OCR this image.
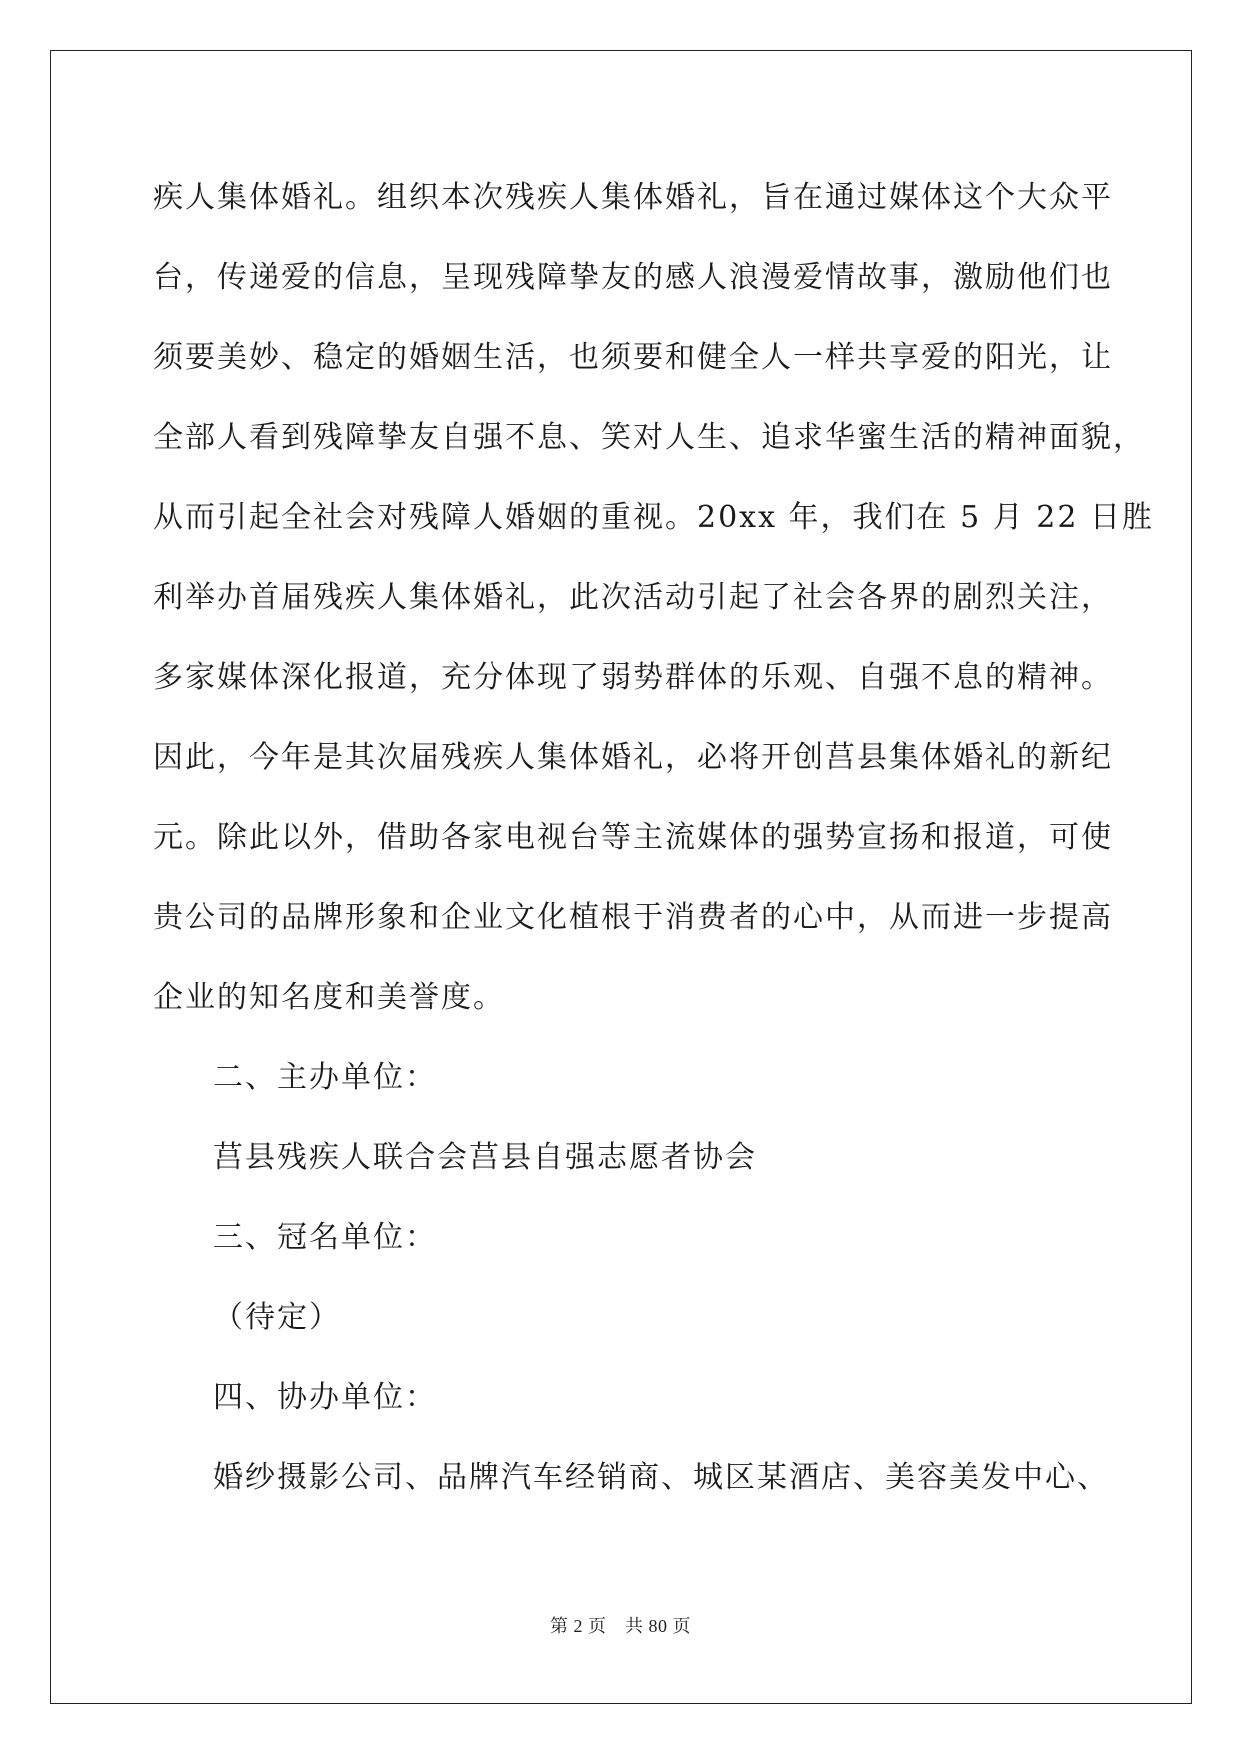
疾人集体婚礼。组织本次残疾人集体婚礼，旨在通过媒体这个大众平

台，传递爱的信息，呈现残障挚友的感人浪漫爱情故事，激励他们也

须要美妙、稳定的婚姻生活，也须要和健全人一样共享爱的阳光，让

全部人看到残障挚友自强不息、笑对人生、追求华蜜生活的精神面貌，

从而引起全社会对残障人婚姻的重视。20xx 年，我们在 5 月 22 日胜

利举办首届残疾人集体婚礼，此次活动引起了社会各界的剧烈关注，

多家媒体深化报道，充分体现了弱势群体的乐观、自强不息的精神。

因此，今年是其次届残疾人集体婚礼，必将开创莒县集体婚礼的新纪

元。除此以外，借助各家电视台等主流媒体的强势宣扬和报道，可使

贵公司的品牌形象和企业文化植根于消费者的心中，从而进一步提高

企业的知名度和美誉度。

二、主办单位：

莒县残疾人联合会莒县自强志愿者协会

三、冠名单位：

（待定）

四、协办单位：

婚纱摄影公司、品牌汽车经销商、城区某酒店、美容美发中心、

第 2 页　共 80 页
